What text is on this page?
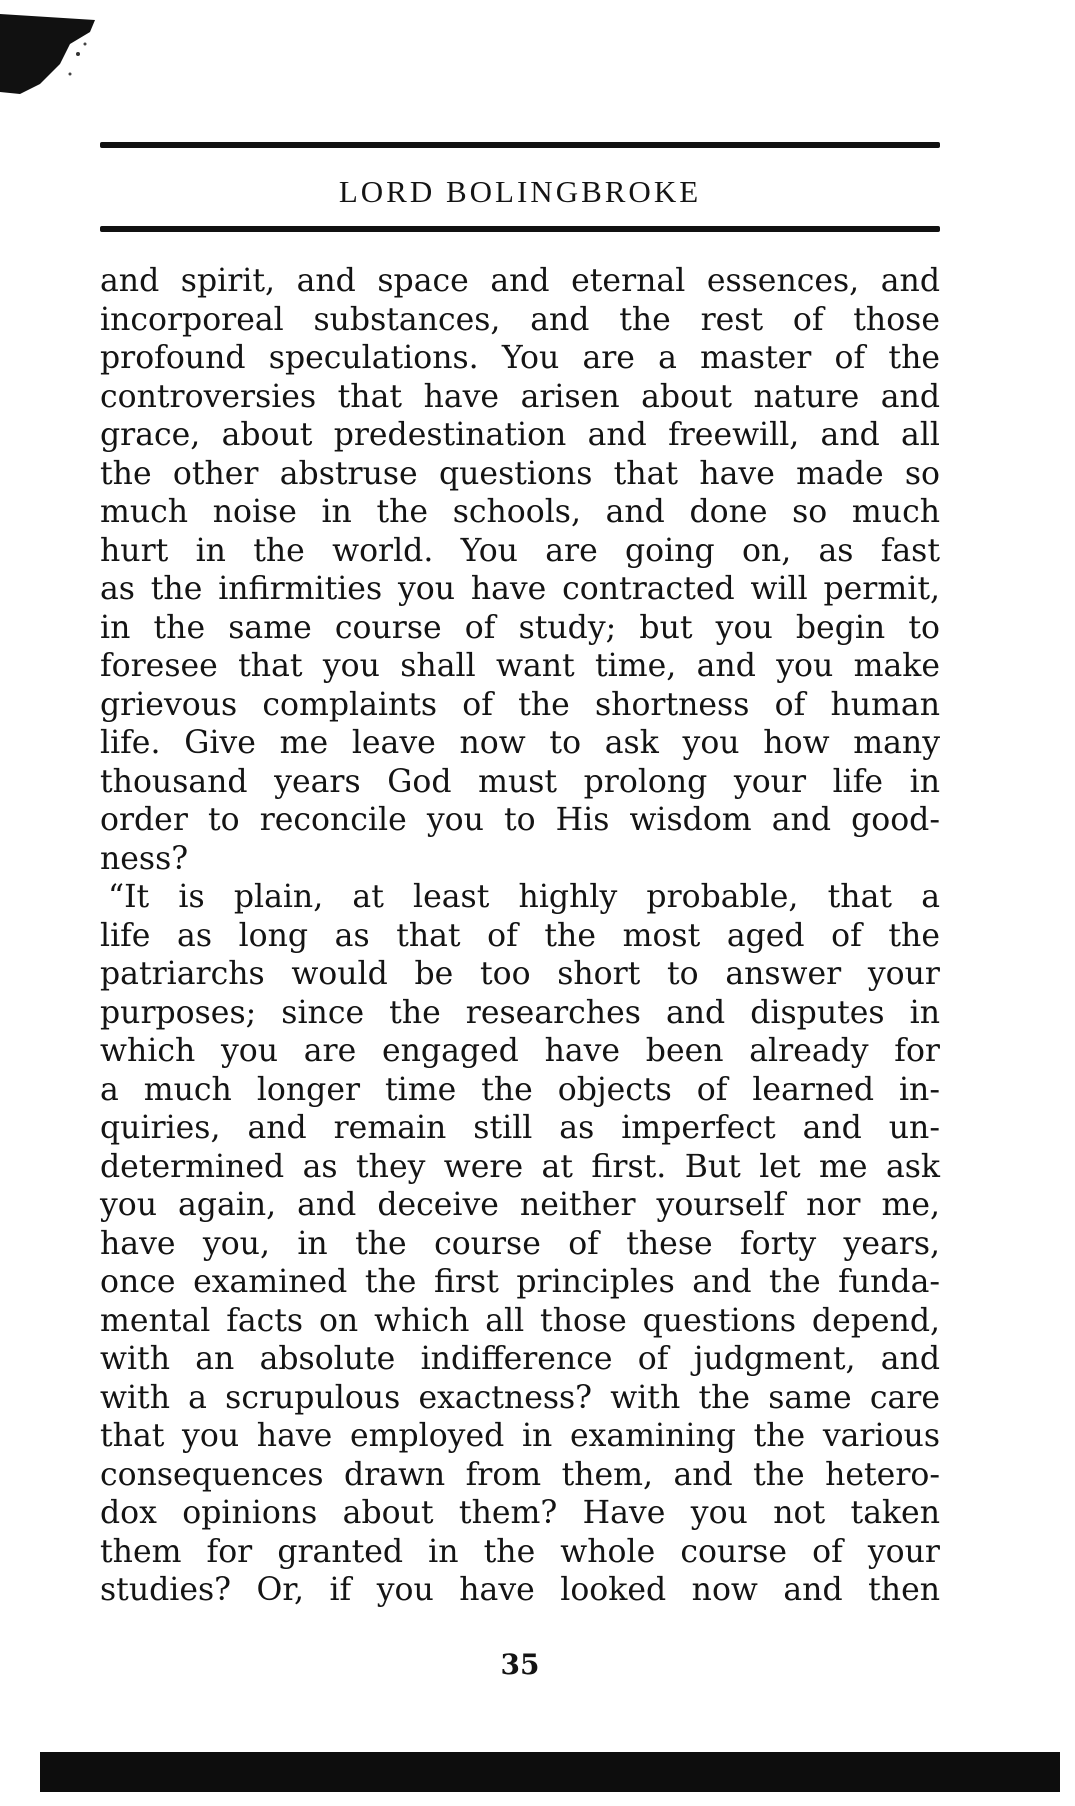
LORD BOLINGBROKE
and spirit, and space and eternal essences, and
incorporeal substances, and the rest of those
profound speculations. You are a master of the
controversies that have arisen about nature and
grace, about predestination and freewill, and all
the other abstruse questions that have made so
much noise in the schools, and done so much
hurt in the world. You are going on, as fast
as the infirmities you have contracted will permit,
in the same course of study; but you begin to
foresee that you shall want time, and you make
grievous complaints of the shortness of human
life. Give me leave now to ask you how many
thousand years God must prolong your life in
order to reconcile you to His wisdom and good-
ness?
“It is plain, at least highly probable, that a
life as long as that of the most aged of the
patriarchs would be too short to answer your
purposes; since the researches and disputes in
which you are engaged have been already for
a much longer time the objects of learned in-
quiries, and remain still as imperfect and un-
determined as they were at first. But let me ask
you again, and deceive neither yourself nor me,
have you, in the course of these forty years,
once examined the first principles and the funda-
mental facts on which all those questions depend,
with an absolute indifference of judgment, and
with a scrupulous exactness? with the same care
that you have employed in examining the various
consequences drawn from them, and the hetero-
dox opinions about them? Have you not taken
them for granted in the whole course of your
studies? Or, if you have looked now and then
35
